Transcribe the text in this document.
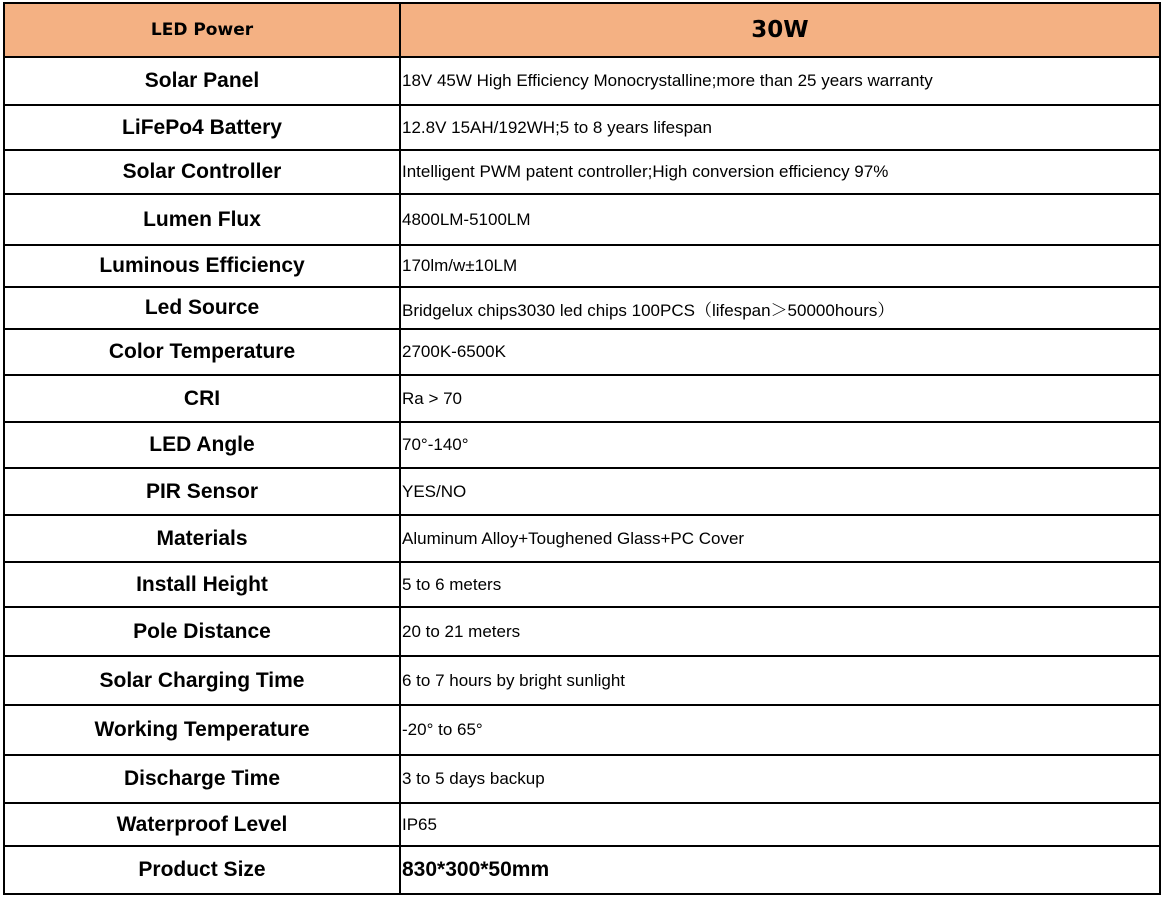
LED Power	30W
Solar Panel	18V 45W High Efficiency Monocrystalline;more than 25 years warranty
LiFePo4 Battery	12.8V 15AH/192WH;5 to 8 years lifespan
Solar Controller	Intelligent PWM patent controller;High conversion efficiency 97%
Lumen Flux	4800LM-5100LM
Luminous Efficiency	170lm/w±10LM
Led Source	Bridgelux chips3030 led chips 100PCS（lifespan＞50000hours）
Color Temperature	2700K-6500K
CRI	Ra > 70
LED Angle	70°-140°
PIR Sensor	YES/NO
Materials	Aluminum Alloy+Toughened Glass+PC Cover
Install Height	5 to 6 meters
Pole Distance	20 to 21 meters
Solar Charging Time	6 to 7 hours by bright sunlight
Working Temperature	-20° to 65°
Discharge Time	3 to 5 days backup
Waterproof Level	IP65
Product Size	830*300*50mm
